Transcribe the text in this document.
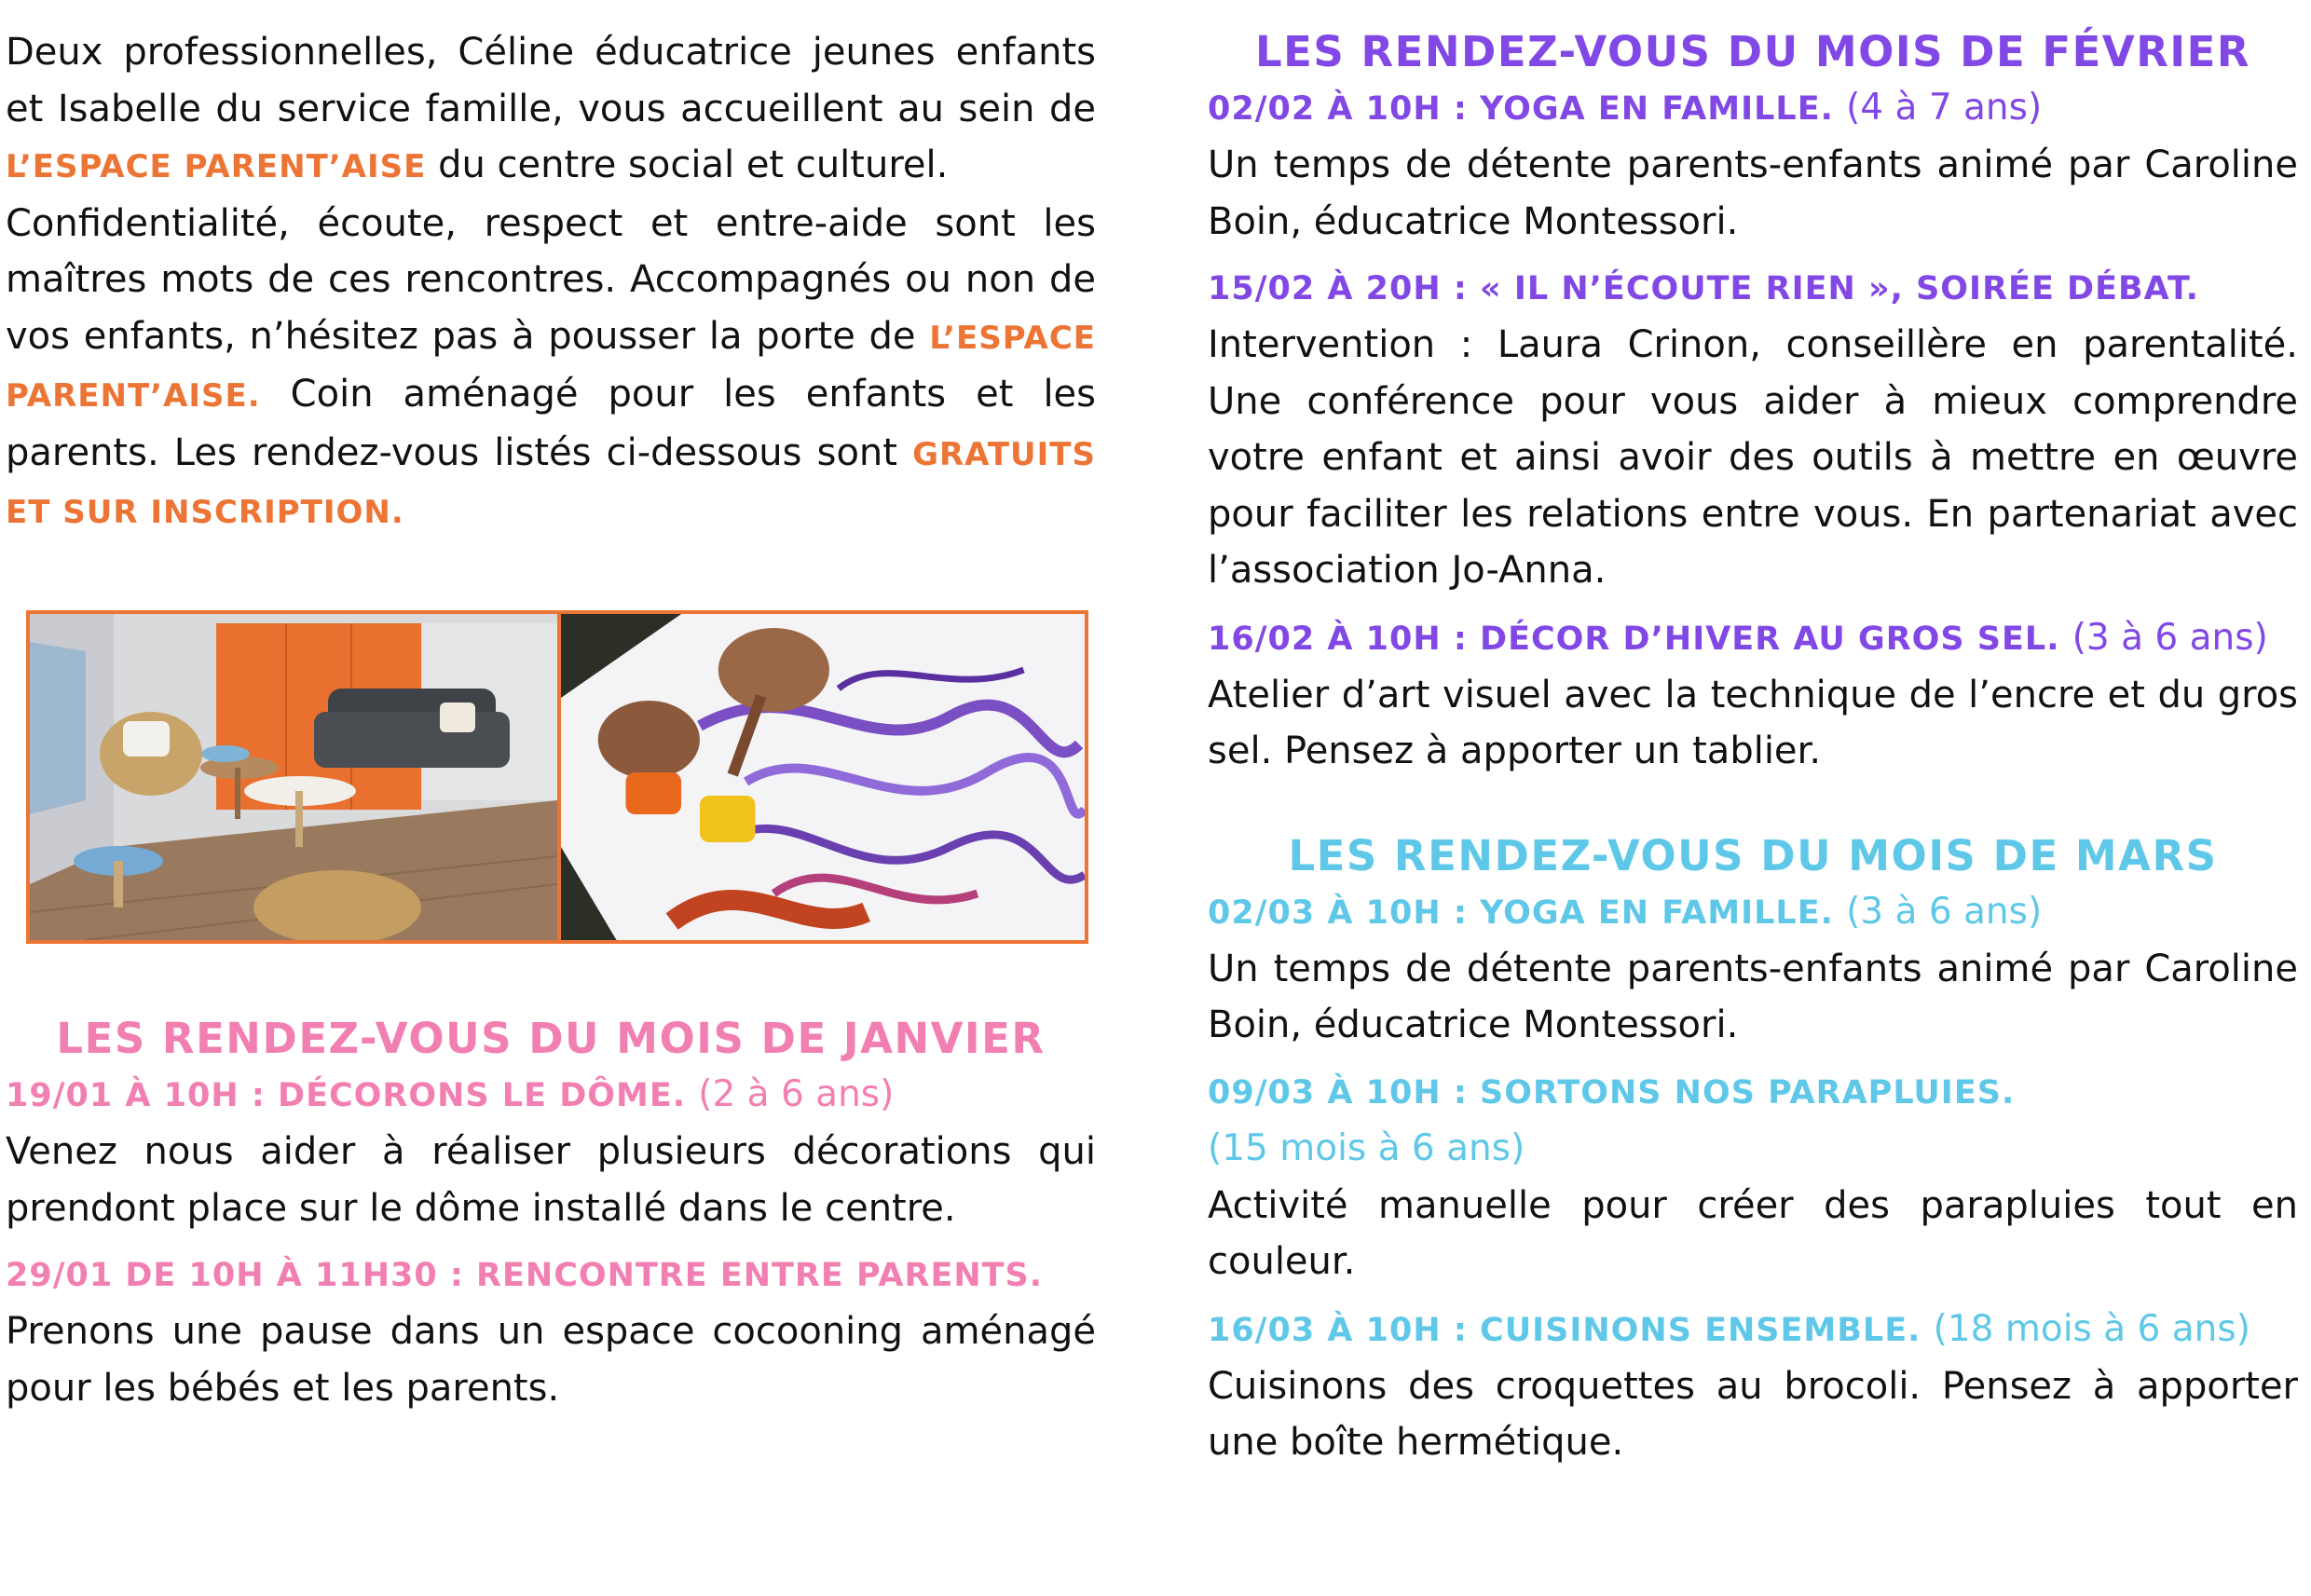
Deux professionnelles, Céline éducatrice jeunes enfants et Isabelle du service famille, vous accueillent au sein de L’ESPACE PARENT’AISE du centre social et culturel.

Confidentialité, écoute, respect et entre-aide sont les maîtres mots de ces rencontres. Accompagnés ou non de vos enfants, n’hésitez pas à pousser la porte de L’ESPACE PARENT’AISE. Coin aménagé pour les enfants et les parents. Les rendez-vous listés ci-dessous sont GRATUITS ET SUR INSCRIPTION.

LES RENDEZ-VOUS DU MOIS DE JANVIER

19/01 À 10H : DÉCORONS LE DÔME. (2 à 6 ans)

Venez nous aider à réaliser plusieurs décorations qui prendont place sur le dôme installé dans le centre.

29/01 DE 10H À 11H30 : RENCONTRE ENTRE PARENTS.

Prenons une pause dans un espace cocooning aménagé pour les bébés et les parents.

LES RENDEZ-VOUS DU MOIS DE FÉVRIER

02/02 À 10H : YOGA EN FAMILLE. (4 à 7 ans)

Un temps de détente parents-enfants animé par Caroline Boin, éducatrice Montessori.

15/02 À 20H : « IL N’ÉCOUTE RIEN », SOIRÉE DÉBAT.

Intervention : Laura Crinon, conseillère en parentalité. Une conférence pour vous aider à mieux comprendre votre enfant et ainsi avoir des outils à mettre en œuvre pour faciliter les relations entre vous. En partenariat avec l’association Jo-Anna.

16/02 À 10H : DÉCOR D’HIVER AU GROS SEL. (3 à 6 ans)

Atelier d’art visuel avec la technique de l’encre et du gros sel. Pensez à apporter un tablier.

LES RENDEZ-VOUS DU MOIS DE MARS

02/03 À 10H : YOGA EN FAMILLE. (3 à 6 ans)

Un temps de détente parents-enfants animé par Caroline Boin, éducatrice Montessori.

09/03 À 10H : SORTONS NOS PARAPLUIES.
(15 mois à 6 ans)

Activité manuelle pour créer des parapluies tout en couleur.

16/03 À 10H : CUISINONS ENSEMBLE. (18 mois à 6 ans)

Cuisinons des croquettes au brocoli. Pensez à apporter une boîte hermétique.
